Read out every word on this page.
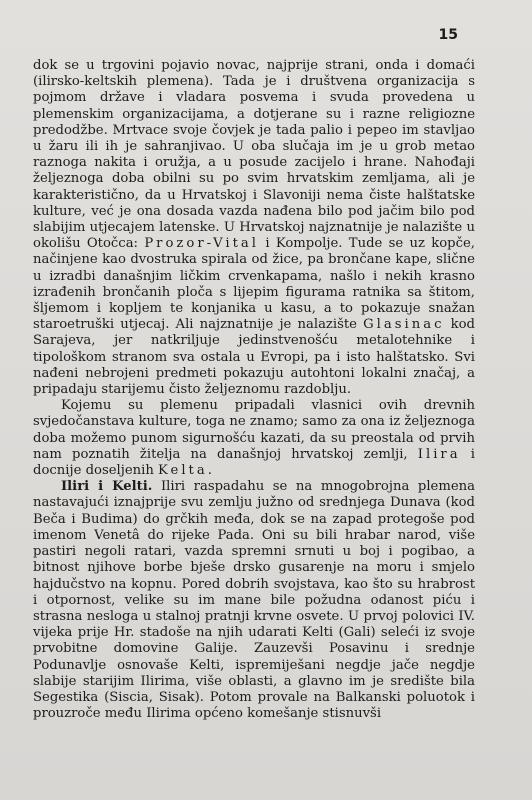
15

dok se u trgovini pojavio novac, najprije strani, onda i domaći (ilirsko-keltskih plemena). Tada je i društvena organizacija s pojmom države i vladara posvema i svuda provedena u plemenskim organizacijama, a dotjerane su i razne religiozne predodžbe. Mrtvace svoje čovjek je tada palio i pepeo im stavljao u žaru ili ih je sahranjivao. U oba slučaja im je u grob metao raznoga nakita i oružja, a u posude zacijelo i hrane. Nahođaji željeznoga doba obilni su po svim hrvatskim zemljama, ali je karakteristično, da u Hrvatskoj i Slavoniji nema čiste halštatske kulture, već je ona dosada vazda nađena bilo pod jačim bilo pod slabijim utjecajem latenske. U Hrvatskoj najznatnije je nalazište u okolišu Otočca: Prozor-Vital i Kompolje. Tude se uz kopče, načinjene kao dvostruka spirala od žice, pa brončane kape, slične u izradbi današnjim ličkim crvenkapama, našlo i nekih krasno izrađenih brončanih ploča s lijepim figurama ratnika sa štitom, šljemom i kopljem te konjanika u kasu, a to pokazuje snažan staroetruški utjecaj. Ali najznatnije je nalazište Glasinac kod Sarajeva, jer natkriljuje jedinstvenošću metalotehnike i tipološkom stranom sva ostala u Evropi, pa i isto halštatsko. Svi nađeni nebrojeni predmeti pokazuju autohtoni lokalni značaj, a pripadaju starijemu čisto željeznomu razdoblju.

Kojemu su plemenu pripadali vlasnici ovih drevnih svjedočanstava kulture, toga ne znamo; samo za ona iz željeznoga doba možemo punom sigurnošću kazati, da su preostala od prvih nam poznatih žitelja na današnjoj hrvatskoj zemlji, Ilira i docnije doseljenih Kelta.

Iliri i Kelti. Iliri raspadahu se na mnogobrojna plemena nastavajući iznajprije svu zemlju južno od srednjega Dunava (kod Beča i Budima) do grčkih međa, dok se na zapad protegoše pod imenom Venetâ do rijeke Pada. Oni su bili hrabar narod, više pastiri negoli ratari, vazda spremni srnuti u boj i pogibao, a bitnost njihove borbe bješe drsko gusarenje na moru i smjelo hajdučstvo na kopnu. Pored dobrih svojstava, kao što su hrabrost i otpornost, velike su im mane bile požudna odanost piću i strasna nesloga u stalnoj pratnji krvne osvete. U prvoj polovici IV. vijeka prije Hr. stadoše na njih udarati Kelti (Gali) seleći iz svoje prvobitne domovine Galije. Zauzevši Posavinu i srednje Podunavlje osnovaše Kelti, ispremiješani negdje jače negdje slabije starijim Ilirima, više oblasti, a glavno im je središte bila Segestika (Siscia, Sisak). Potom provale na Balkanski poluotok i prouzroče među Ilirima općeno komešanje stisnuvši
